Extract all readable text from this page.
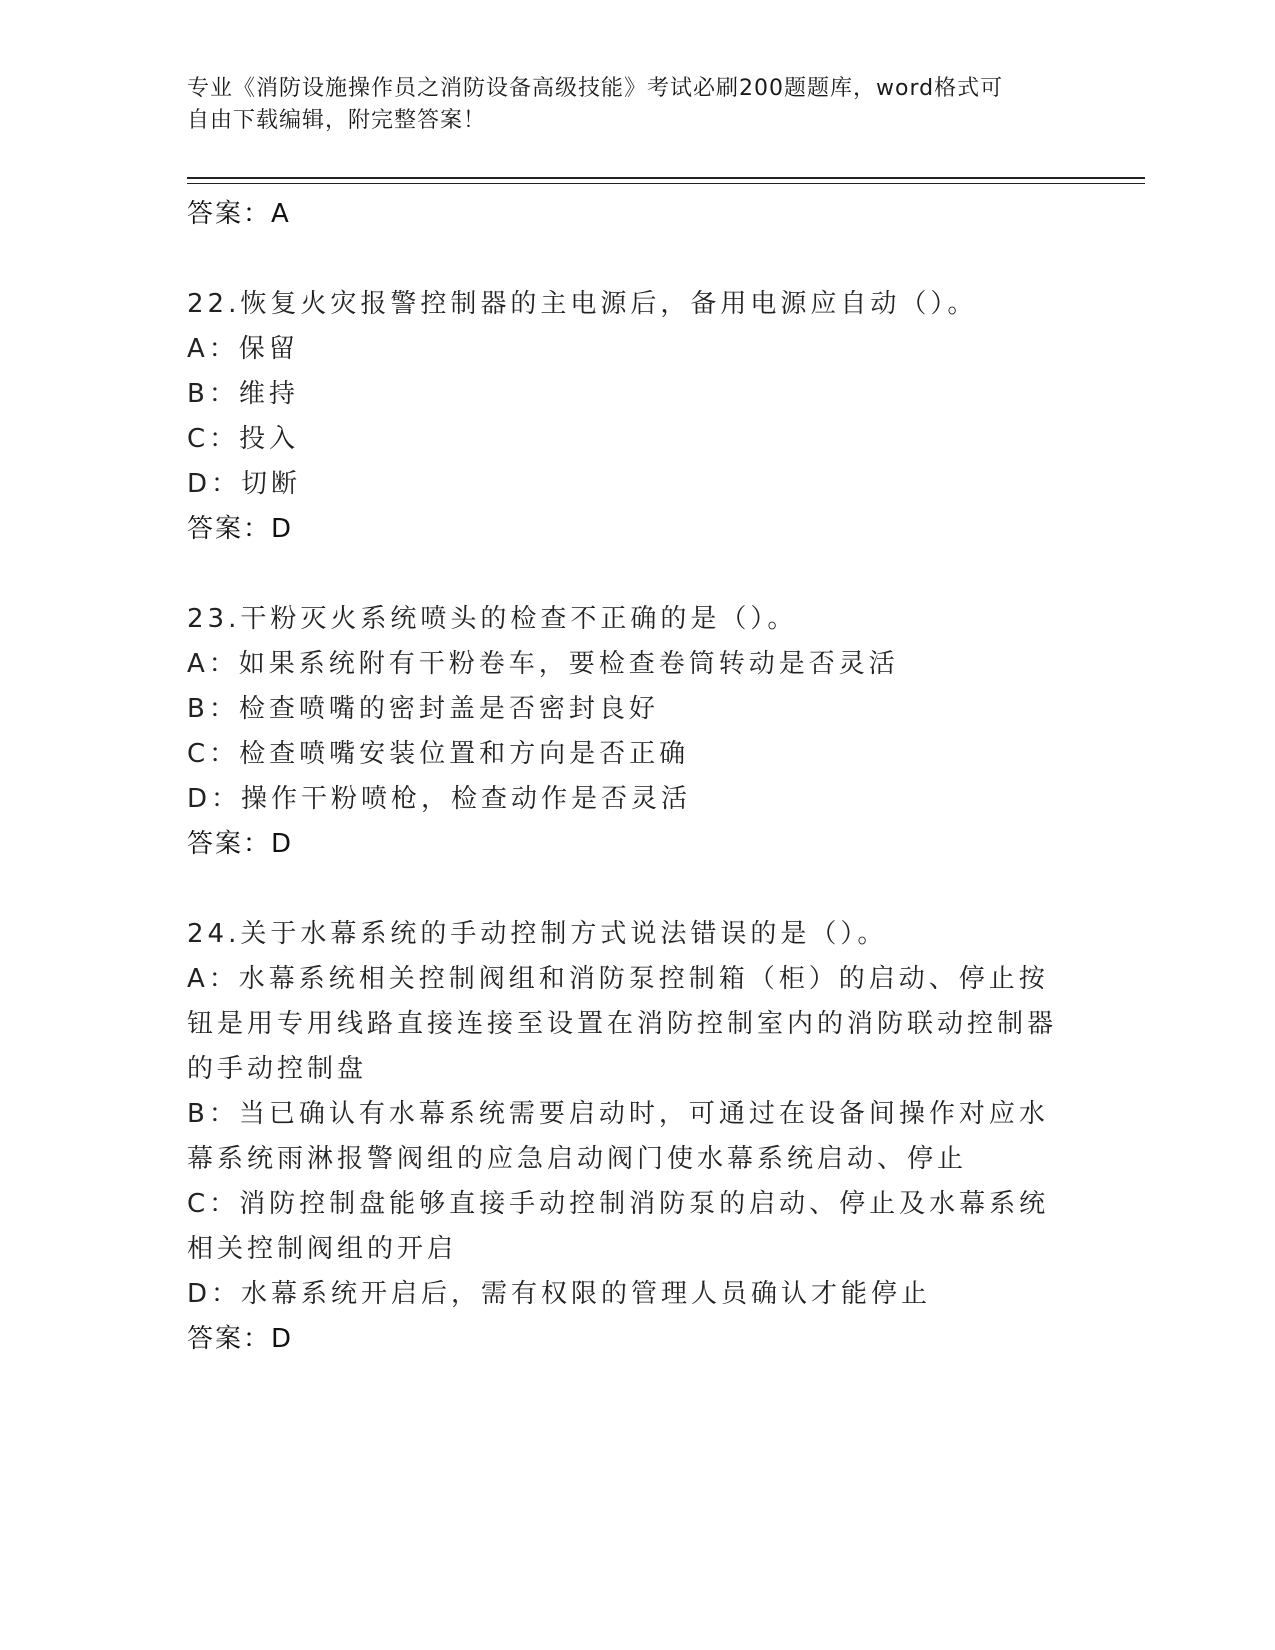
专业《消防设施操作员之消防设备高级技能》考试必刷200题题库，word格式可
自由下载编辑，附完整答案！
答案：A
22.恢复火灾报警控制器的主电源后，备用电源应自动（）。
A：保留
B：维持
C：投入
D：切断
答案：D
23.干粉灭火系统喷头的检查不正确的是（）。
A：如果系统附有干粉卷车，要检查卷筒转动是否灵活
B：检查喷嘴的密封盖是否密封良好
C：检查喷嘴安装位置和方向是否正确
D：操作干粉喷枪，检查动作是否灵活
答案：D
24.关于水幕系统的手动控制方式说法错误的是（）。
A：水幕系统相关控制阀组和消防泵控制箱（柜）的启动、停止按钮是用专用线路直接连接至设置在消防控制室内的消防联动控制器的手动控制盘
B：当已确认有水幕系统需要启动时，可通过在设备间操作对应水幕系统雨淋报警阀组的应急启动阀门使水幕系统启动、停止
C：消防控制盘能够直接手动控制消防泵的启动、停止及水幕系统相关控制阀组的开启
D：水幕系统开启后，需有权限的管理人员确认才能停止
答案：D
